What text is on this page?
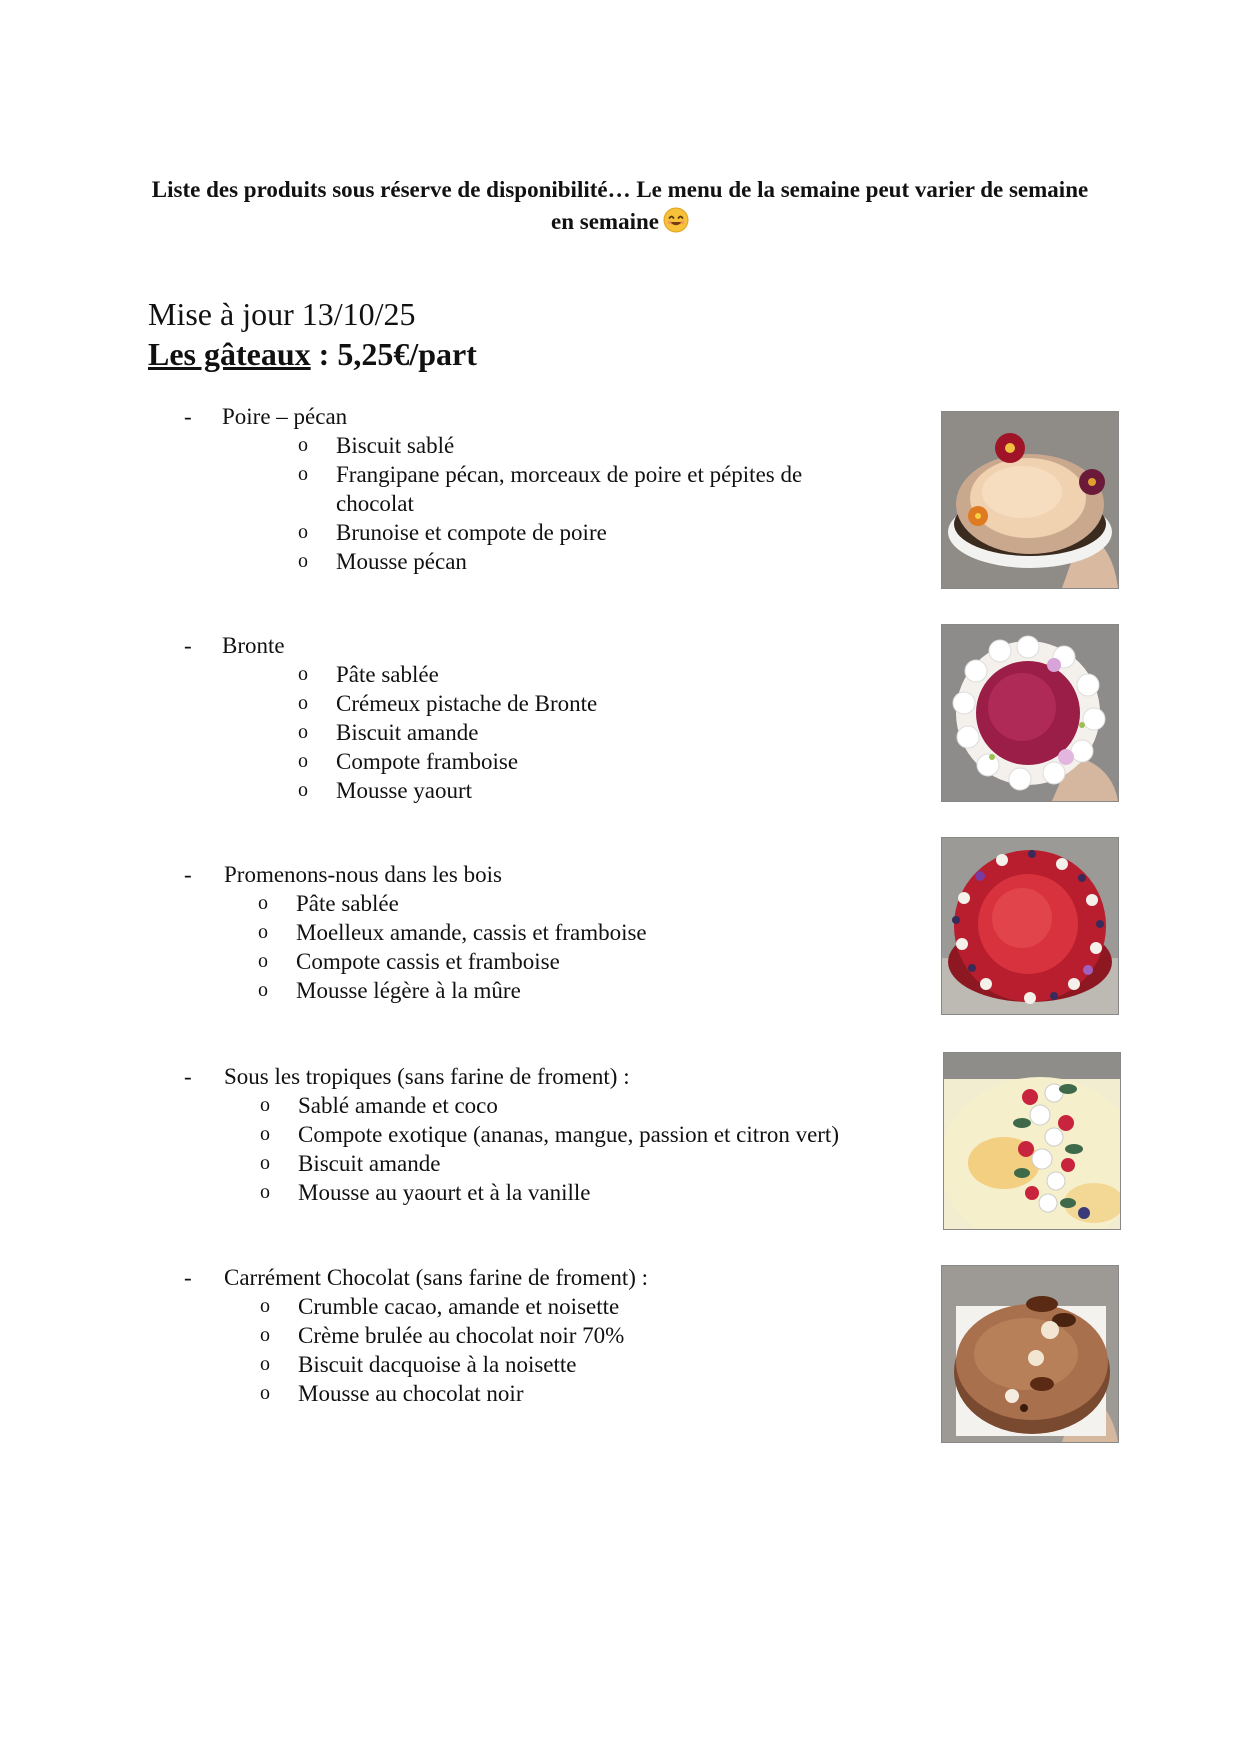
Liste des produits sous réserve de disponibilité… Le menu de la semaine peut varier de semaine en semaine
Mise à jour 13/10/25
Les gâteaux : 5,25€/part
- Poire – pécan
o Biscuit sablé
o Frangipane pécan, morceaux de poire et pépites de chocolat
o Brunoise et compote de poire
o Mousse pécan
- Bronte
o Pâte sablée
o Crémeux pistache de Bronte
o Biscuit amande
o Compote framboise
o Mousse yaourt
- Promenons-nous dans les bois
o Pâte sablée
o Moelleux amande, cassis et framboise
o Compote cassis et framboise
o Mousse légère à la mûre
- Sous les tropiques (sans farine de froment) :
o Sablé amande et coco
o Compote exotique (ananas, mangue, passion et citron vert)
o Biscuit amande
o Mousse au yaourt et à la vanille
- Carrément Chocolat (sans farine de froment) :
o Crumble cacao, amande et noisette
o Crème brulée au chocolat noir 70%
o Biscuit dacquoise à la noisette
o Mousse au chocolat noir
